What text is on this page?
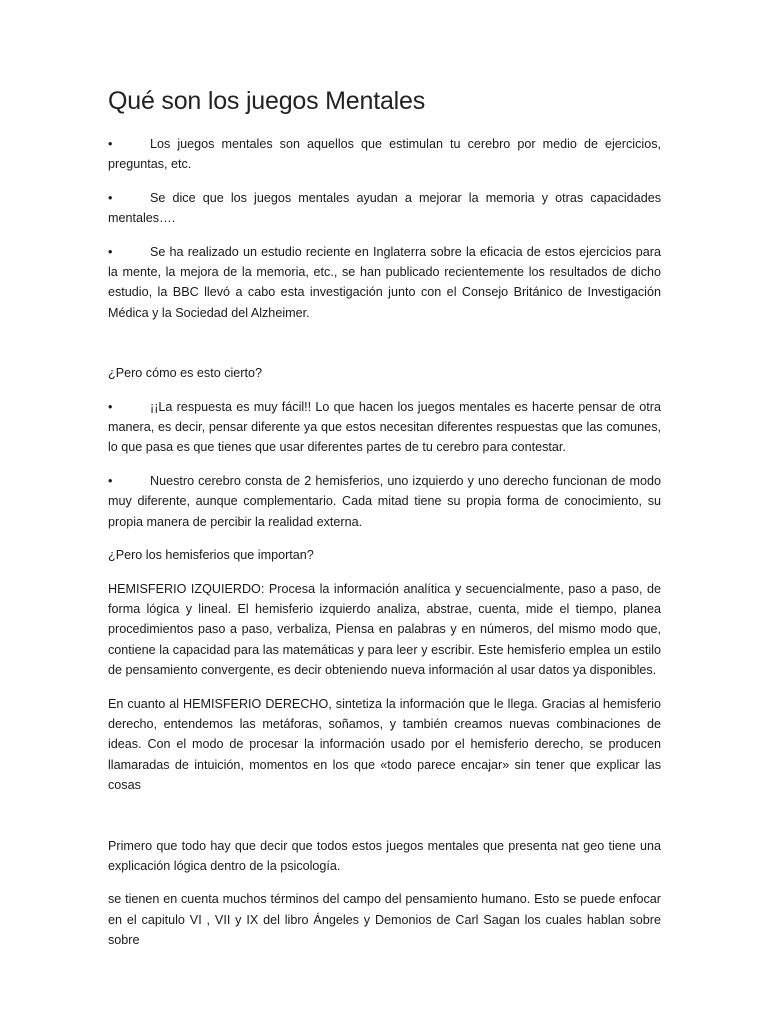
Qué son los juegos Mentales
•	Los juegos mentales son aquellos que estimulan tu cerebro por medio de ejercicios, preguntas, etc.
•	Se dice que los juegos mentales ayudan a mejorar la memoria y otras capacidades mentales….
•	Se ha realizado un estudio reciente en Inglaterra sobre la eficacia de estos ejercicios para la mente, la mejora de la memoria, etc., se han publicado recientemente los resultados de dicho estudio, la BBC llevó a cabo esta investigación junto con el Consejo Británico de Investigación Médica y la Sociedad del Alzheimer.
¿Pero cómo es esto cierto?
•	¡¡La respuesta es muy fácil!! Lo que hacen los juegos mentales es hacerte pensar de otra manera, es decir, pensar diferente ya que estos necesitan diferentes respuestas que las comunes, lo que pasa es que tienes que usar diferentes partes de tu cerebro para contestar.
•	Nuestro cerebro consta de 2 hemisferios, uno izquierdo y uno derecho funcionan de modo muy diferente, aunque complementario. Cada mitad tiene su propia forma de conocimiento, su propia manera de percibir la realidad externa.
¿Pero los hemisferios que importan?
HEMISFERIO IZQUIERDO: Procesa la información analítica y secuencialmente, paso a paso, de forma lógica y lineal. El hemisferio izquierdo analiza, abstrae, cuenta, mide el tiempo, planea procedimientos paso a paso, verbaliza, Piensa en palabras y en números, del mismo modo que, contiene la capacidad para las matemáticas y para leer y escribir. Este hemisferio emplea un estilo de pensamiento convergente, es decir obteniendo nueva información al usar datos ya disponibles.
En cuanto al HEMISFERIO DERECHO, sintetiza la información que le llega. Gracias al hemisferio derecho, entendemos las metáforas, soñamos, y también creamos nuevas combinaciones de ideas. Con el modo de procesar la información usado por el hemisferio derecho, se producen llamaradas de intuición, momentos en los que «todo parece encajar» sin tener que explicar las cosas
Primero que todo hay que decir que todos estos juegos mentales que presenta nat geo tiene una explicación lógica dentro de la psicología.
se tienen en cuenta muchos términos del campo del pensamiento humano. Esto se puede enfocar en el capitulo VI , VII y IX del libro Ángeles y Demonios de Carl Sagan los cuales hablan sobre sobre
